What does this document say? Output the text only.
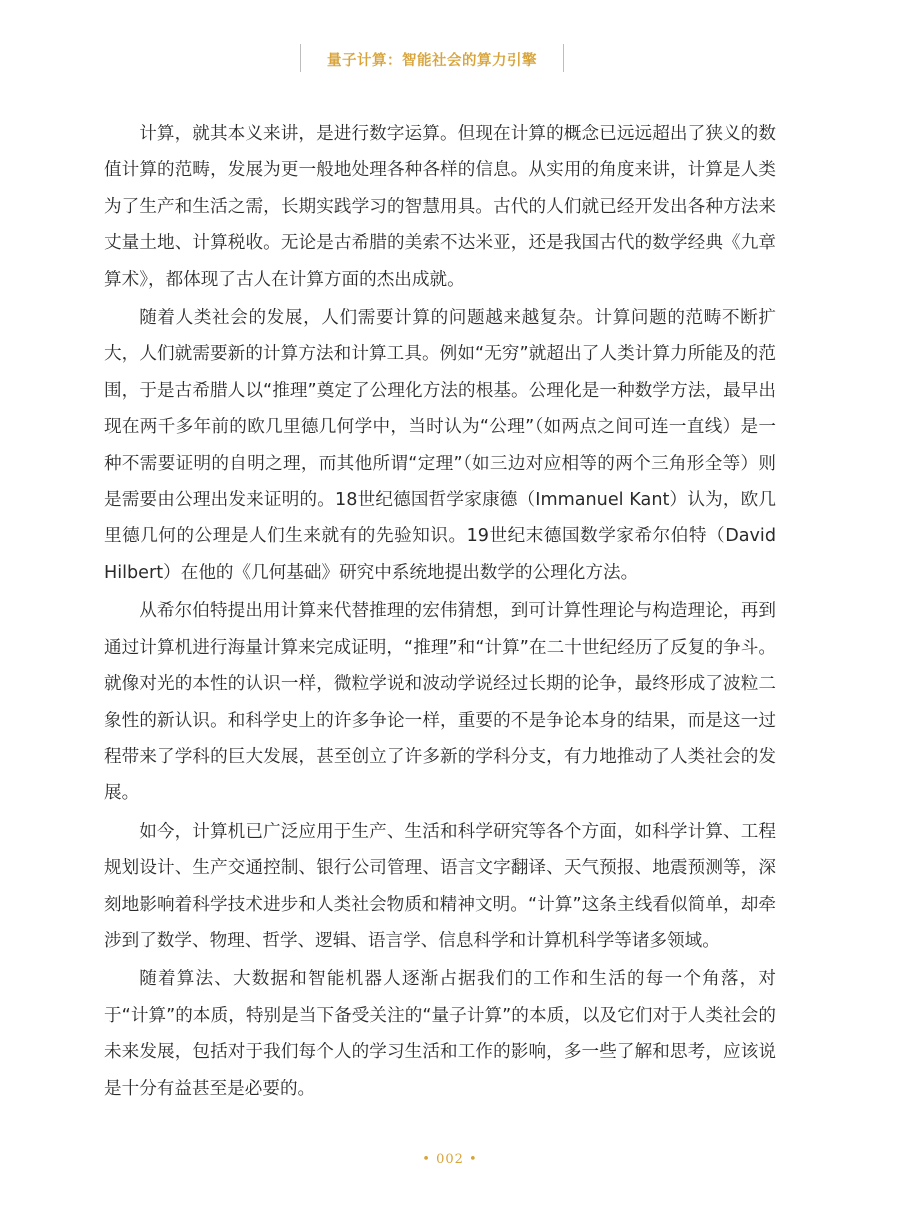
量子计算：智能社会的算力引擎

计算，就其本义来讲，是进行数字运算。但现在计算的概念已远远超出了狭义的数值计算的范畴，发展为更一般地处理各种各样的信息。从实用的角度来讲，计算是人类为了生产和生活之需，长期实践学习的智慧用具。古代的人们就已经开发出各种方法来丈量土地、计算税收。无论是古希腊的美索不达米亚，还是我国古代的数学经典《九章算术》，都体现了古人在计算方面的杰出成就。

随着人类社会的发展，人们需要计算的问题越来越复杂。计算问题的范畴不断扩大，人们就需要新的计算方法和计算工具。例如“无穷”就超出了人类计算力所能及的范围，于是古希腊人以“推理”奠定了公理化方法的根基。公理化是一种数学方法，最早出现在两千多年前的欧几里德几何学中，当时认为“公理”（如两点之间可连一直线）是一种不需要证明的自明之理，而其他所谓“定理”（如三边对应相等的两个三角形全等）则是需要由公理出发来证明的。18世纪德国哲学家康德（Immanuel Kant）认为，欧几里德几何的公理是人们生来就有的先验知识。19世纪末德国数学家希尔伯特（David Hilbert）在他的《几何基础》研究中系统地提出数学的公理化方法。

从希尔伯特提出用计算来代替推理的宏伟猜想，到可计算性理论与构造理论，再到通过计算机进行海量计算来完成证明，“推理”和“计算”在二十世纪经历了反复的争斗。就像对光的本性的认识一样，微粒学说和波动学说经过长期的论争，最终形成了波粒二象性的新认识。和科学史上的许多争论一样，重要的不是争论本身的结果，而是这一过程带来了学科的巨大发展，甚至创立了许多新的学科分支，有力地推动了人类社会的发展。

如今，计算机已广泛应用于生产、生活和科学研究等各个方面，如科学计算、工程规划设计、生产交通控制、银行公司管理、语言文字翻译、天气预报、地震预测等，深刻地影响着科学技术进步和人类社会物质和精神文明。“计算”这条主线看似简单，却牵涉到了数学、物理、哲学、逻辑、语言学、信息科学和计算机科学等诸多领域。

随着算法、大数据和智能机器人逐渐占据我们的工作和生活的每一个角落，对于“计算”的本质，特别是当下备受关注的“量子计算”的本质，以及它们对于人类社会的未来发展，包括对于我们每个人的学习生活和工作的影响，多一些了解和思考，应该说是十分有益甚至是必要的。

• 002 •
